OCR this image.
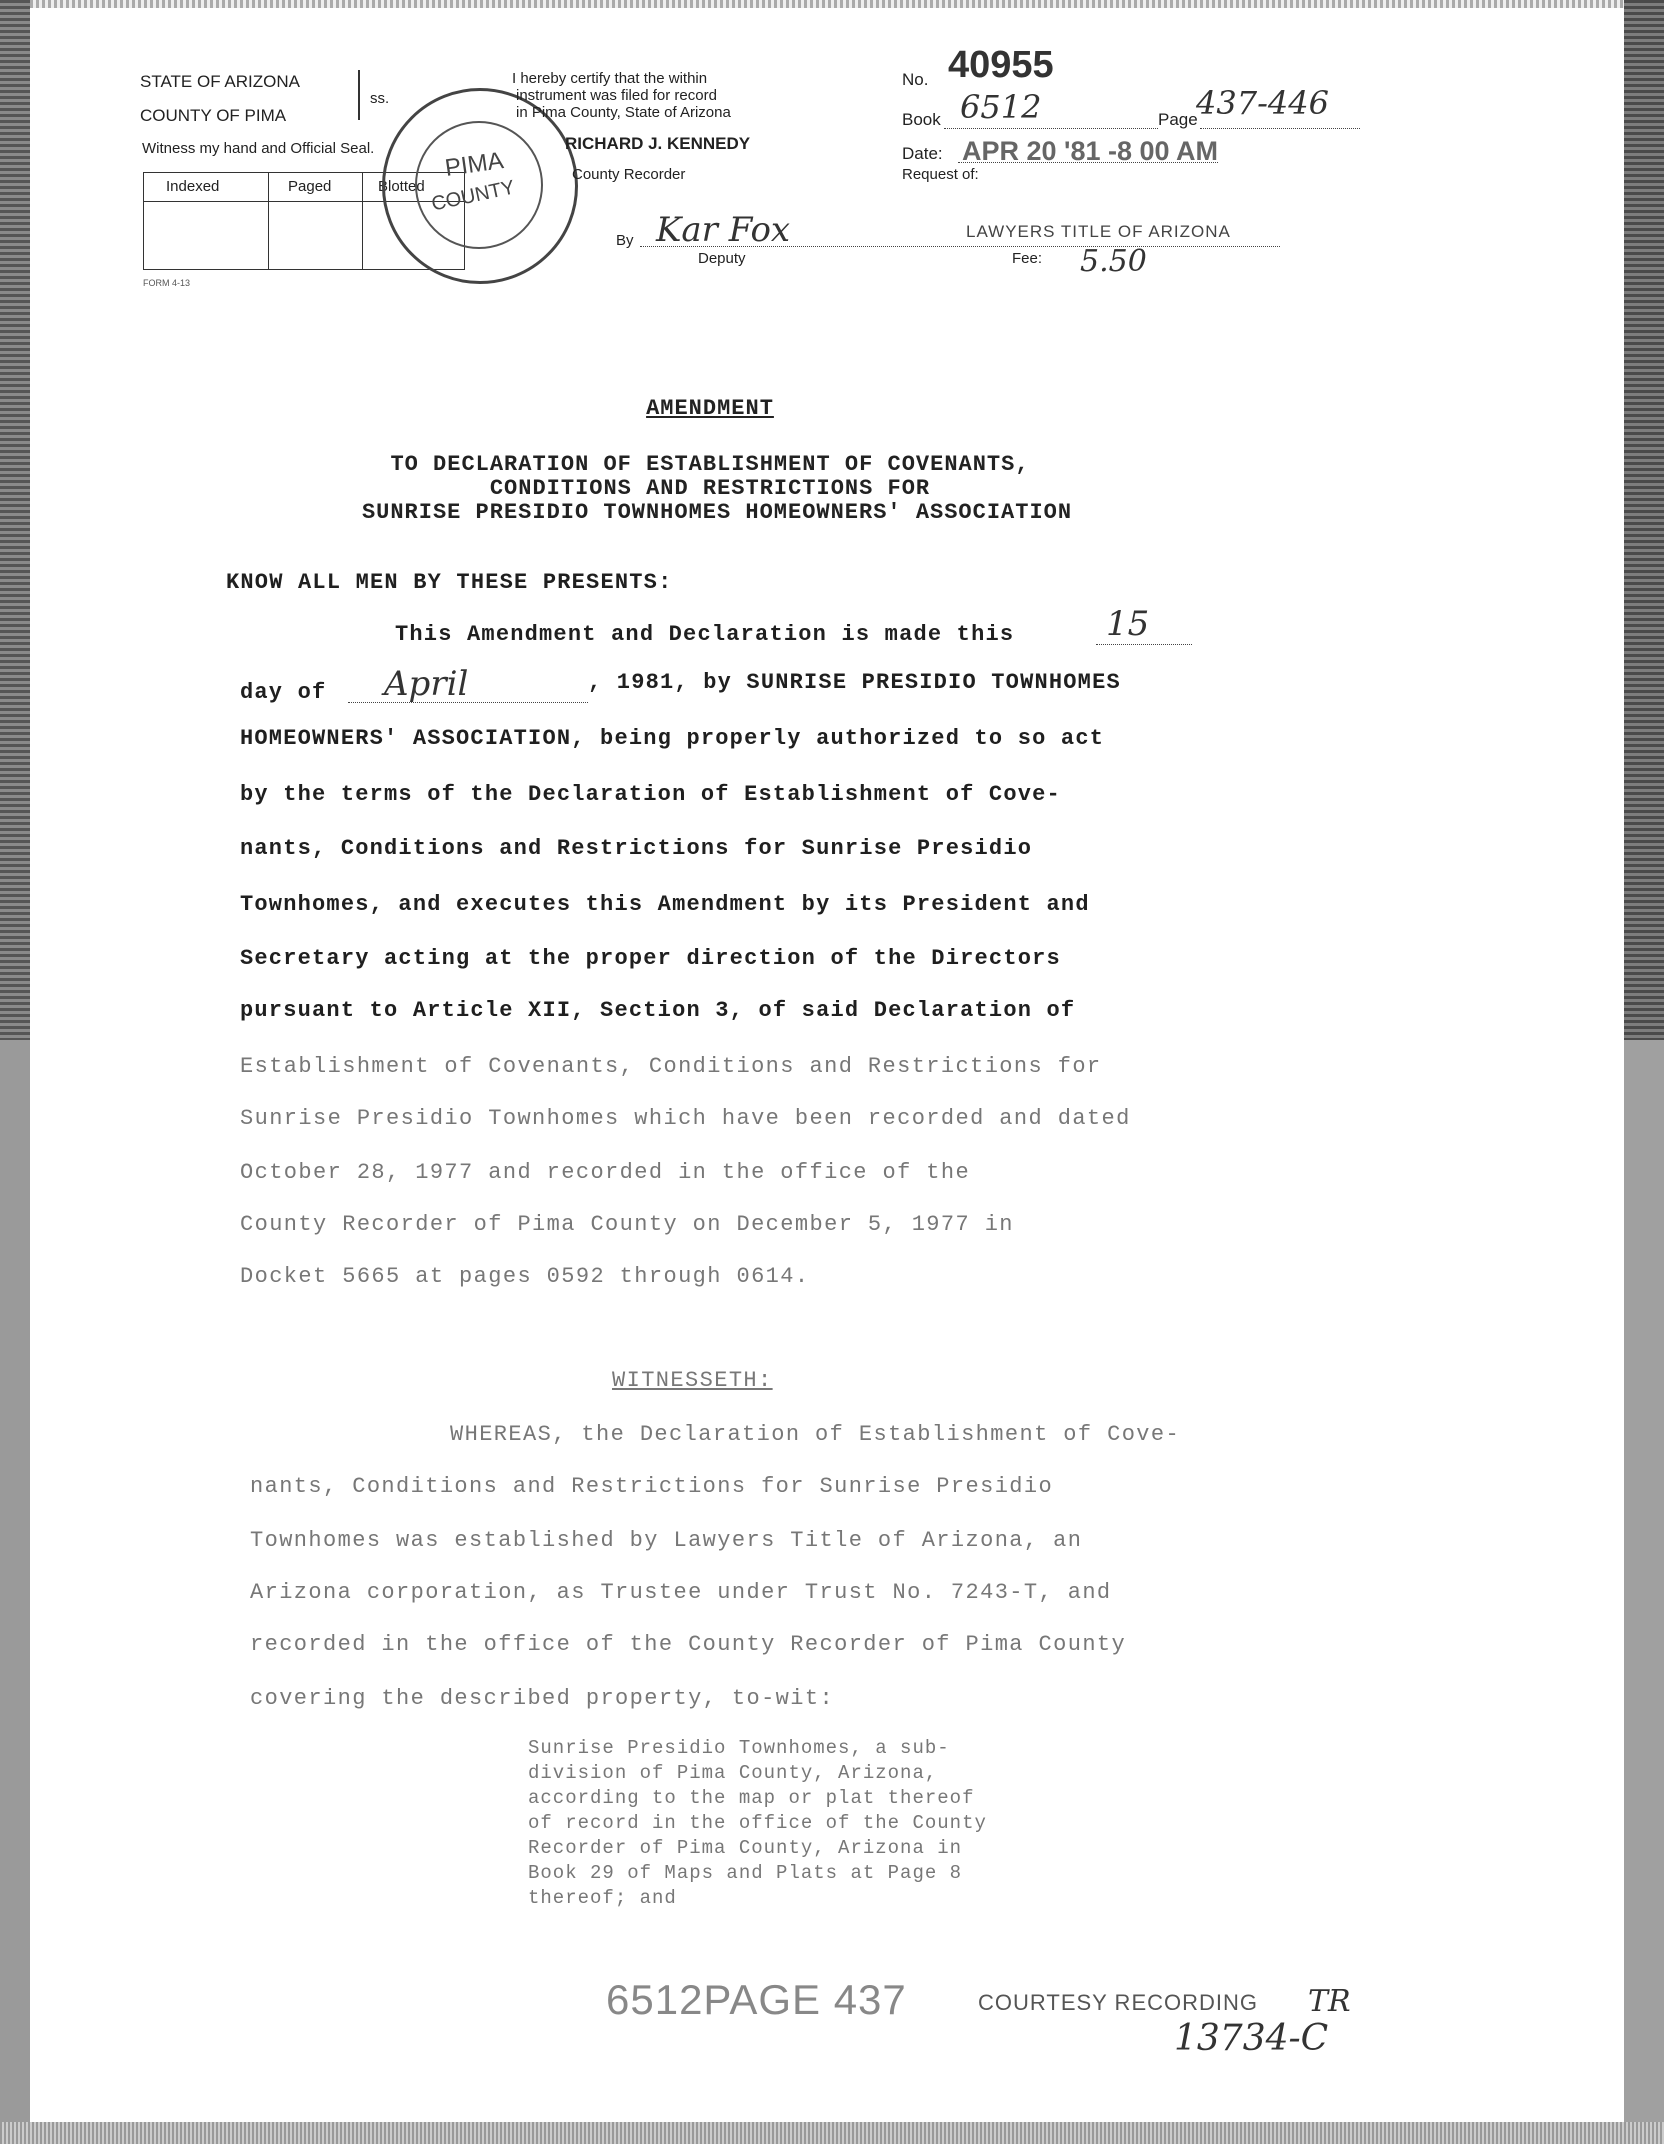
STATE OF ARIZONA
COUNTY OF PIMA
ss.
Witness my hand and Official Seal.
Indexed	Paged	Blotted
FORM 4-13
PIMA
COUNTY
I hereby certify that the within
instrument was filed for record
in Pima County, State of Arizona
RICHARD J. KENNEDY
County Recorder
By Kar Fox
Deputy
LAWYERS TITLE OF ARIZONA
No. 40955
Book 6512	Page
437-446
Date: APR 20 '81 -8 00 AM
Request of:
Fee: 5.50
AMENDMENT
TO DECLARATION OF ESTABLISHMENT OF COVENANTS,
CONDITIONS AND RESTRICTIONS FOR
SUNRISE PRESIDIO TOWNHOMES HOMEOWNERS' ASSOCIATION
KNOW ALL MEN BY THESE PRESENTS:
This Amendment and Declaration is made this	15
day of April	, 1981, by SUNRISE PRESIDIO TOWNHOMES
HOMEOWNERS' ASSOCIATION, being properly authorized to so act
by the terms of the Declaration of Establishment of Cove-
nants, Conditions and Restrictions for Sunrise Presidio
Townhomes, and executes this Amendment by its President and
Secretary acting at the proper direction of the Directors
pursuant to Article XII, Section 3, of said Declaration of
Establishment of Covenants, Conditions and Restrictions for
Sunrise Presidio Townhomes which have been recorded and dated
October 28, 1977 and recorded in the office of the
County Recorder of Pima County on December 5, 1977 in
Docket 5665 at pages 0592 through 0614.
WITNESSETH:
WHEREAS, the Declaration of Establishment of Cove-
nants, Conditions and Restrictions for Sunrise Presidio
Townhomes was established by Lawyers Title of Arizona, an
Arizona corporation, as Trustee under Trust No. 7243-T, and
recorded in the office of the County Recorder of Pima County
covering the described property, to-wit:
Sunrise Presidio Townhomes, a sub-
division of Pima County, Arizona,
according to the map or plat thereof
of record in the office of the County
Recorder of Pima County, Arizona in
Book 29 of Maps and Plats at Page 8
thereof; and
6512PAGE 437	COURTESY RECORDING TR
13734-C
